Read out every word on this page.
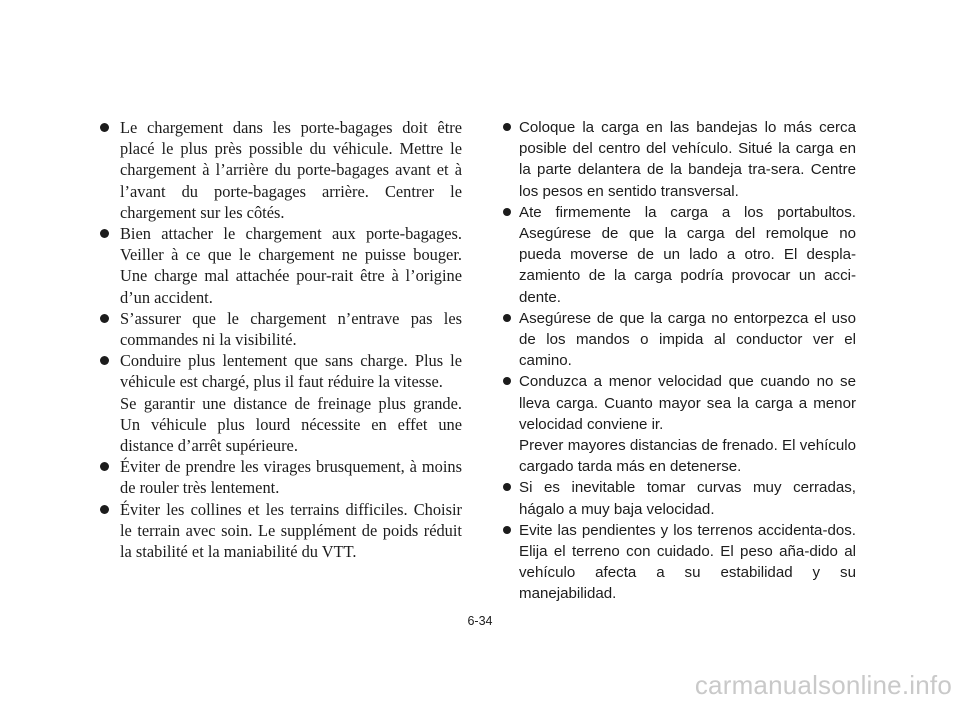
Le chargement dans les porte-bagages doit être placé le plus près possible du véhicule. Mettre le chargement à l’arrière du porte-bagages avant et à l’avant du porte-bagages arrière. Centrer le chargement sur les côtés.
Bien attacher le chargement aux porte-bagages. Veiller à ce que le chargement ne puisse bouger. Une charge mal attachée pour-rait être à l’origine d’un accident.
S’assurer que le chargement n’entrave pas les commandes ni la visibilité.
Conduire plus lentement que sans charge. Plus le véhicule est chargé, plus il faut réduire la vitesse.
Se garantir une distance de freinage plus grande. Un véhicule plus lourd nécessite en effet une distance d’arrêt supérieure.
Éviter de prendre les virages brusquement, à moins de rouler très lentement.
Éviter les collines et les terrains difficiles. Choisir le terrain avec soin. Le supplément de poids réduit la stabilité et la maniabilité du VTT.
Coloque la carga en las bandejas lo más cerca posible del centro del vehículo. Situé la carga en la parte delantera de la bandeja tra-sera. Centre los pesos en sentido transversal.
Ate firmemente la carga a los portabultos. Asegúrese de que la carga del remolque no pueda moverse de un lado a otro. El despla-zamiento de la carga podría provocar un acci-dente.
Asegúrese de que la carga no entorpezca el uso de los mandos o impida al conductor ver el camino.
Conduzca a menor velocidad que cuando no se lleva carga. Cuanto mayor sea la carga a menor velocidad conviene ir.
Prever mayores distancias de frenado. El vehículo cargado tarda más en detenerse.
Si es inevitable tomar curvas muy cerradas, hágalo a muy baja velocidad.
Evite las pendientes y los terrenos accidenta-dos. Elija el terreno con cuidado. El peso aña-dido al vehículo afecta a su estabilidad y su manejabilidad.
6-34
carmanualsonline.info
